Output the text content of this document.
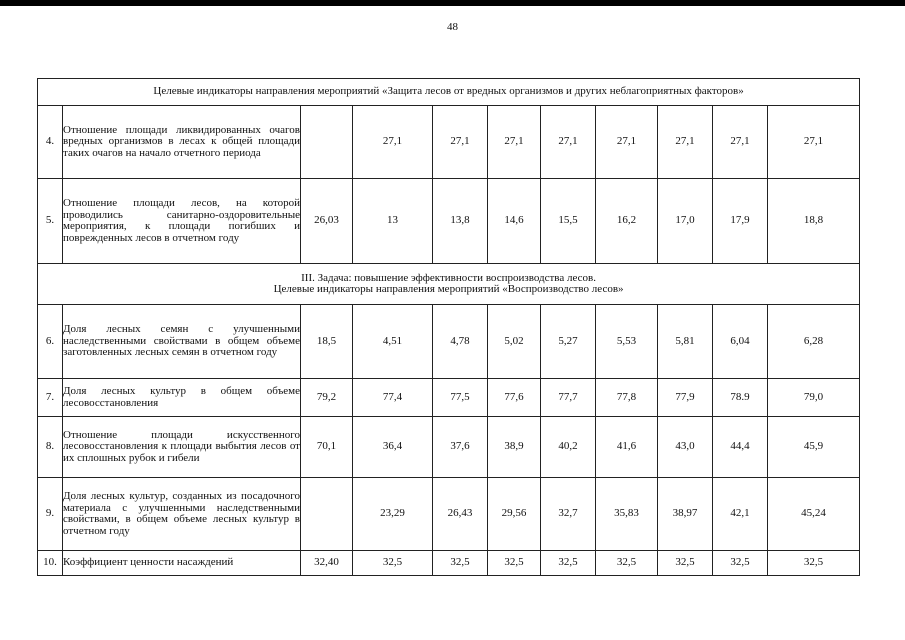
48
Целевые индикаторы направления мероприятий «Защита лесов от вредных организмов и других неблагоприятных факторов»										
4.	Отношение площади ликвидированных очагов вредных организмов в лесах к общей площади таких очагов на начало отчетного периода		27,1	27,1	27,1	27,1	27,1	27,1	27,1	27,1
5.	Отношение площади лесов, на которой проводились санитарно-оздоровительные мероприятия, к площади погибших и поврежденных лесов в отчетном году	26,03	13	13,8	14,6	15,5	16,2	17,0	17,9	18,8

III. Задача: повышение эффективности воспроизводства лесов.
Целевые индикаторы направления мероприятий «Воспроизводство лесов»										

6.	Доля лесных семян с улучшенными наследственными свойствами в общем объеме заготовленных лесных семян в отчетном году	18,5	4,51	4,78	5,02	5,27	5,53	5,81	6,04	6,28
7.	Доля лесных культур в общем объеме лесовосстановления	79,2	77,4	77,5	77,6	77,7	77,8	77,9	78.9	79,0
8.	Отношение площади искусственного лесовосстановления к площади выбытия лесов от их сплошных рубок и гибели	70,1	36,4	37,6	38,9	40,2	41,6	43,0	44,4	45,9
9.	Доля лесных культур, созданных из посадочного материала с улучшенными наследственными свойствами, в общем объеме лесных культур в отчетном году		23,29	26,43	29,56	32,7	35,83	38,97	42,1	45,24
10.	Коэффициент ценности насаждений	32,40	32,5	32,5	32,5	32,5	32,5	32,5	32,5	32,5
